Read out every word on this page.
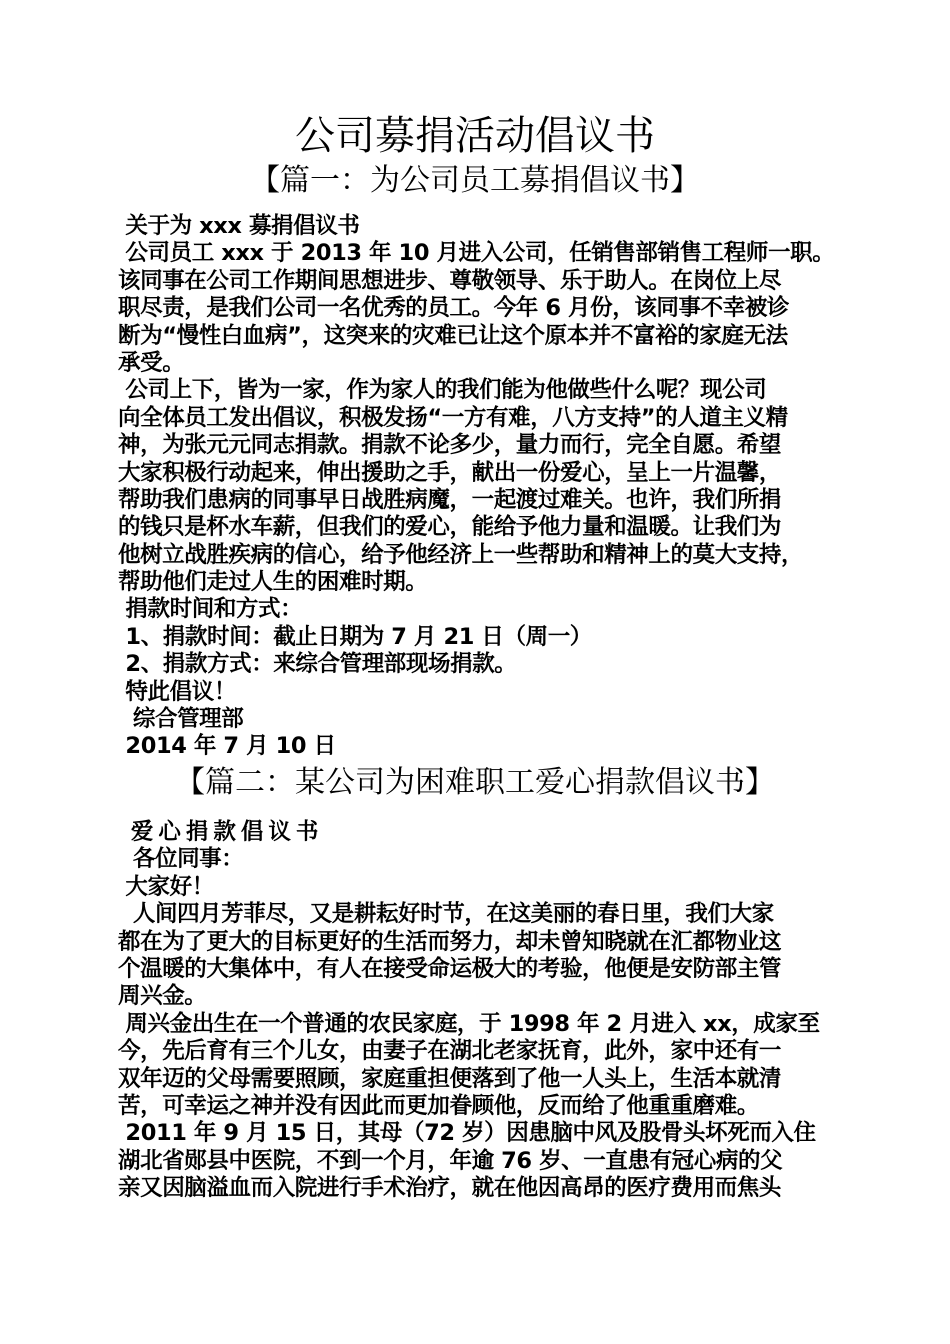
公司募捐活动倡议书
【篇一：为公司员工募捐倡议书】
关于为 xxx 募捐倡议书
公司员工 xxx 于 2013 年 10 月进入公司，任销售部销售工程师一职。
该同事在公司工作期间思想进步、尊敬领导、乐于助人。在岗位上尽
职尽责，是我们公司一名优秀的员工。今年 6 月份，该同事不幸被诊
断为“慢性白血病”，这突来的灾难已让这个原本并不富裕的家庭无法
承受。
公司上下，皆为一家，作为家人的我们能为他做些什么呢？现公司
向全体员工发出倡议，积极发扬“一方有难，八方支持”的人道主义精
神，为张元元同志捐款。捐款不论多少，量力而行，完全自愿。希望
大家积极行动起来，伸出援助之手，献出一份爱心，呈上一片温馨，
帮助我们患病的同事早日战胜病魔，一起渡过难关。也许，我们所捐
的钱只是杯水车薪，但我们的爱心，能给予他力量和温暖。让我们为
他树立战胜疾病的信心，给予他经济上一些帮助和精神上的莫大支持，
帮助他们走过人生的困难时期。
捐款时间和方式：
1、捐款时间：截止日期为 7 月 21 日（周一）
2、捐款方式：来综合管理部现场捐款。
特此倡议！
综合管理部
2014 年 7 月 10 日
【篇二：某公司为困难职工爱心捐款倡议书】
爱心捐款倡议书
各位同事：
大家好！
人间四月芳菲尽，又是耕耘好时节，在这美丽的春日里，我们大家
都在为了更大的目标更好的生活而努力，却未曾知晓就在汇都物业这
个温暖的大集体中，有人在接受命运极大的考验，他便是安防部主管
周兴金。
周兴金出生在一个普通的农民家庭，于 1998 年 2 月进入 xx，成家至
今，先后育有三个儿女，由妻子在湖北老家抚育，此外，家中还有一
双年迈的父母需要照顾，家庭重担便落到了他一人头上，生活本就清
苦，可幸运之神并没有因此而更加眷顾他，反而给了他重重磨难。
2011 年 9 月 15 日，其母（72 岁）因患脑中风及股骨头坏死而入住
湖北省郧县中医院，不到一个月，年逾 76 岁、一直患有冠心病的父
亲又因脑溢血而入院进行手术治疗，就在他因高昂的医疗费用而焦头
